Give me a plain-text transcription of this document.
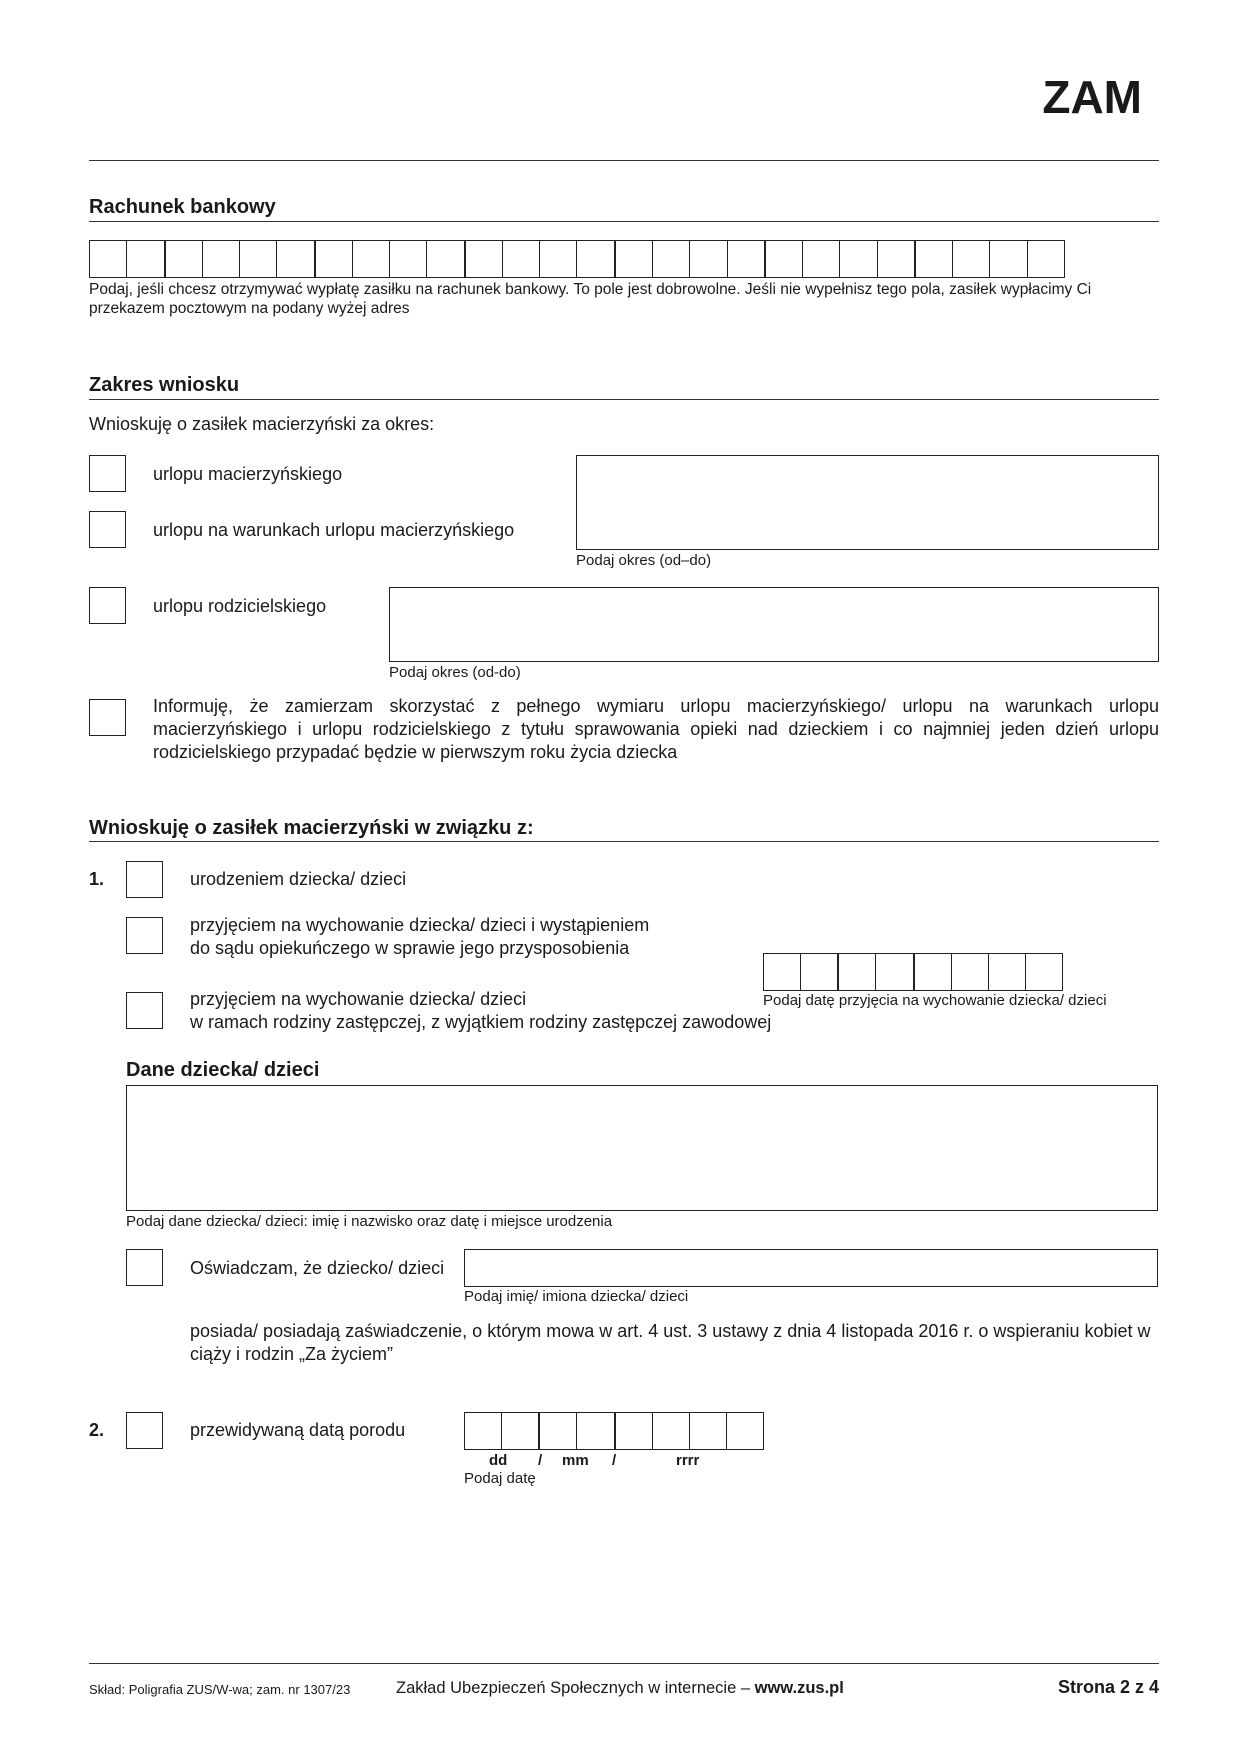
ZAM
Rachunek bankowy
Podaj, jeśli chcesz otrzymywać wypłatę zasiłku na rachunek bankowy. To pole jest dobrowolne. Jeśli nie wypełnisz tego pola, zasiłek wypłacimy Ci przekazem pocztowym na podany wyżej adres
Zakres wniosku
Wnioskuję o zasiłek macierzyński za okres:
urlopu macierzyńskiego
urlopu na warunkach urlopu macierzyńskiego
Podaj okres (od–do)
urlopu rodzicielskiego
Podaj okres (od-do)
Informuję, że zamierzam skorzystać z pełnego wymiaru urlopu macierzyńskiego/ urlopu na warunkach urlopu macierzyńskiego i urlopu rodzicielskiego z tytułu sprawowania opieki nad dzieckiem i co najmniej jeden dzień urlopu rodzicielskiego przypadać będzie w pierwszym roku życia dziecka
Wnioskuję o zasiłek macierzyński w związku z:
1.	urodzeniem dziecka/ dzieci
przyjęciem na wychowanie dziecka/ dzieci i wystąpieniem
do sądu opiekuńczego w sprawie jego przysposobienia
Podaj datę przyjęcia na wychowanie dziecka/ dzieci
przyjęciem na wychowanie dziecka/ dzieci
w ramach rodziny zastępczej, z wyjątkiem rodziny zastępczej zawodowej
Dane dziecka/ dzieci
Podaj dane dziecka/ dzieci: imię i nazwisko oraz datę i miejsce urodzenia
Oświadczam, że dziecko/ dzieci
Podaj imię/ imiona dziecka/ dzieci
posiada/ posiadają zaświadczenie, o którym mowa w art. 4 ust. 3 ustawy z dnia 4 listopada 2016 r. o wspieraniu kobiet w ciąży i rodzin „Za życiem”
2.	przewidywaną datą porodu
dd / mm /	rrrr
Podaj datę
Skład: Poligrafia ZUS/W-wa; zam. nr 1307/23	Zakład Ubezpieczeń Społecznych w internecie – www.zus.pl	Strona 2 z 4
